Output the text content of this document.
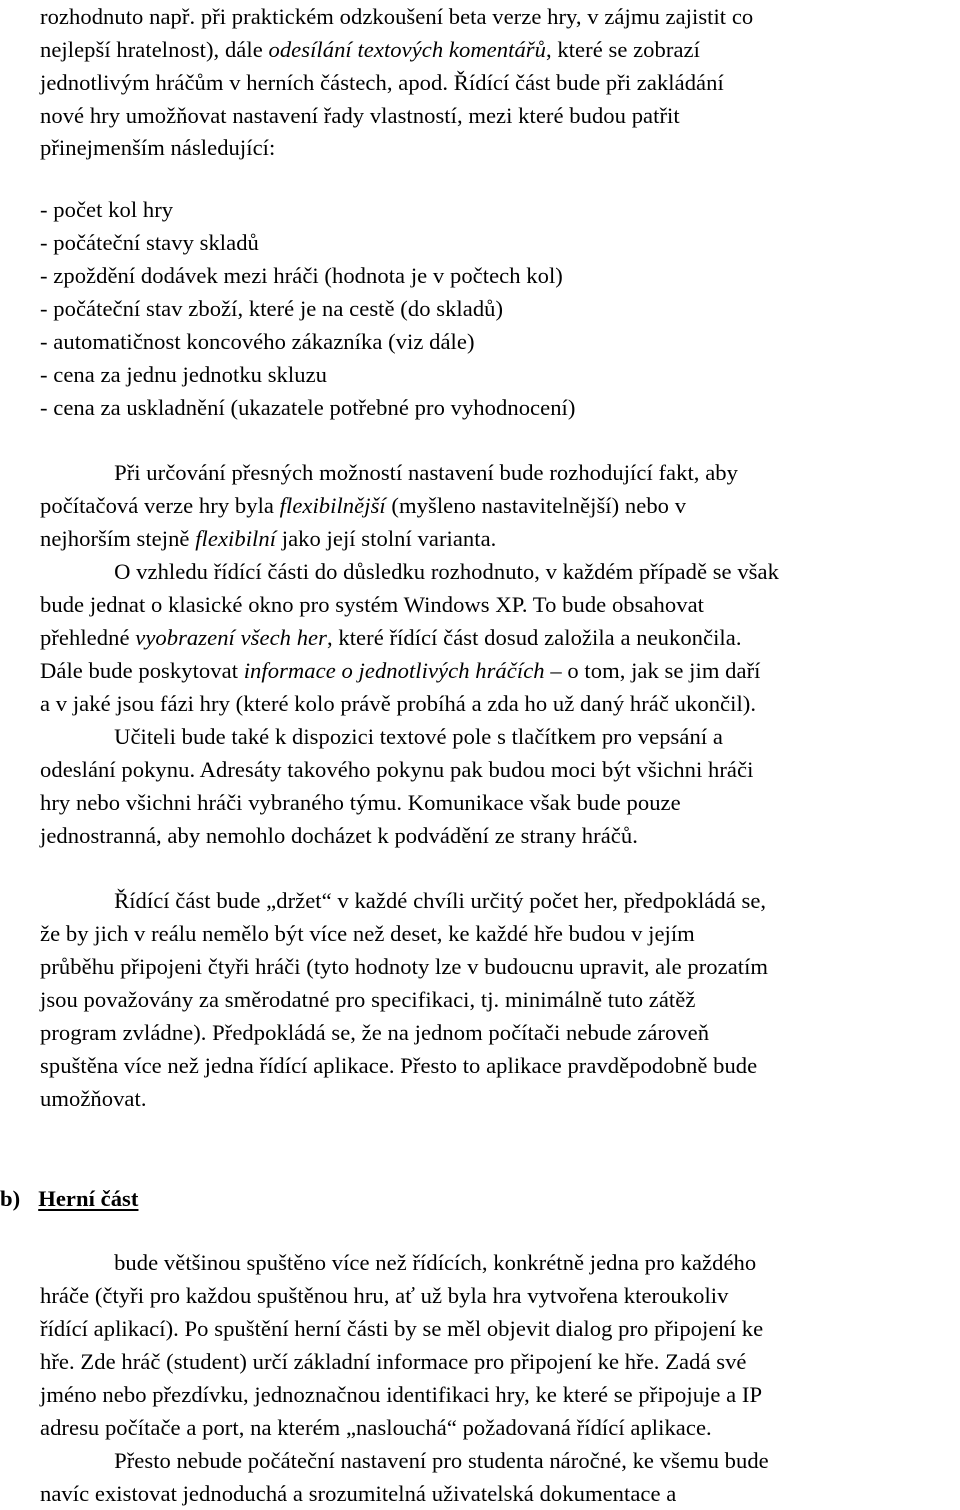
rozhodnuto např. při praktickém odzkoušení beta verze hry, v zájmu zajistit co
nejlepší hratelnost), dále odesílání textových komentářů, které se zobrazí
jednotlivým hráčům v herních částech, apod. Řídící část bude při zakládání
nové hry umožňovat nastavení řady vlastností, mezi které budou patřit
přinejmenším následující:
- počet kol hry
- počáteční stavy skladů
- zpoždění dodávek mezi hráči (hodnota je v počtech kol)
- počáteční stav zboží, které je na cestě (do skladů)
- automatičnost koncového zákazníka (viz dále)
- cena za jednu jednotku skluzu
- cena za uskladnění (ukazatele potřebné pro vyhodnocení)
Při určování přesných možností nastavení bude rozhodující fakt, aby
počítačová verze hry byla flexibilnější (myšleno nastavitelnější) nebo v
nejhorším stejně flexibilní jako její stolní varianta.
O vzhledu řídící části do důsledku rozhodnuto, v každém případě se však
bude jednat o klasické okno pro systém Windows XP. To bude obsahovat
přehledné vyobrazení všech her, které řídící část dosud založila a neukončila.
Dále bude poskytovat informace o jednotlivých hráčích – o tom, jak se jim daří
a v jaké jsou fázi hry (které kolo právě probíhá a zda ho už daný hráč ukončil).
Učiteli bude také k dispozici textové pole s tlačítkem pro vepsání a
odeslání pokynu. Adresáty takového pokynu pak budou moci být všichni hráči
hry nebo všichni hráči vybraného týmu. Komunikace však bude pouze
jednostranná, aby nemohlo docházet k podvádění ze strany hráčů.
Řídící část bude „držet“ v každé chvíli určitý počet her, předpokládá se,
že by jich v reálu nemělo být více než deset, ke každé hře budou v jejím
průběhu připojeni čtyři hráči (tyto hodnoty lze v budoucnu upravit, ale prozatím
jsou považovány za směrodatné pro specifikaci, tj. minimálně tuto zátěž
program zvládne). Předpokládá se, že na jednom počítači nebude zároveň
spuštěna více než jedna řídící aplikace. Přesto to aplikace pravděpodobně bude
umožňovat.
b) Herní část
bude většinou spuštěno více než řídících, konkrétně jedna pro každého
hráče (čtyři pro každou spuštěnou hru, ať už byla hra vytvořena kteroukoliv
řídící aplikací). Po spuštění herní části by se měl objevit dialog pro připojení ke
hře. Zde hráč (student) určí základní informace pro připojení ke hře. Zadá své
jméno nebo přezdívku, jednoznačnou identifikaci hry, ke které se připojuje a IP
adresu počítače a port, na kterém „naslouchá“ požadovaná řídící aplikace.
Přesto nebude počáteční nastavení pro studenta náročné, ke všemu bude
navíc existovat jednoduchá a srozumitelná uživatelská dokumentace a
